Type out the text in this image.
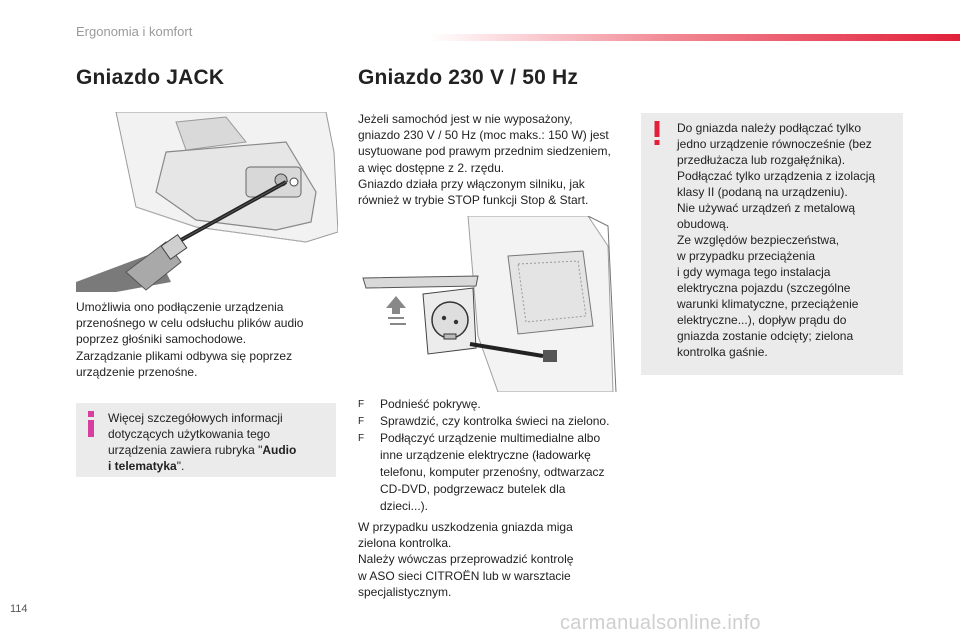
Ergonomia i komfort
Gniazdo JACK
Umożliwia ono podłączenie urządzenia
przenośnego w celu odsłuchu plików audio
poprzez głośniki samochodowe.
Zarządzanie plikami odbywa się poprzez
urządzenie przenośne.
Więcej szczegółowych informacji
dotyczących użytkowania tego
urządzenia zawiera rubryka "Audio
i telematyka".
Gniazdo 230 V / 50 Hz
Jeżeli samochód jest w nie wyposażony,
gniazdo 230 V / 50 Hz (moc maks.: 150 W) jest
usytuowane pod prawym przednim siedzeniem,
a więc dostępne z 2. rzędu.
Gniazdo działa przy włączonym silniku, jak
również w trybie STOP funkcji Stop & Start.
F	Podnieść pokrywę.
F	Sprawdzić, czy kontrolka świeci na zielono.
F	Podłączyć urządzenie multimedialne albo
inne urządzenie elektryczne (ładowarkę
telefonu, komputer przenośny, odtwarzacz
CD-DVD, podgrzewacz butelek dla
dzieci...).
W przypadku uszkodzenia gniazda miga
zielona kontrolka.
Należy wówczas przeprowadzić kontrolę
w ASO sieci CITROËN lub w warsztacie
specjalistycznym.
Do gniazda należy podłączać tylko
jedno urządzenie równocześnie (bez
przedłużacza lub rozgałęźnika).
Podłączać tylko urządzenia z izolacją
klasy II (podaną na urządzeniu).
Nie używać urządzeń z metalową
obudową.
Ze względów bezpieczeństwa,
w przypadku przeciążenia
i gdy wymaga tego instalacja
elektryczna pojazdu (szczególne
warunki klimatyczne, przeciążenie
elektryczne...), dopływ prądu do
gniazda zostanie odcięty; zielona
kontrolka gaśnie.
114
carmanualsonline.info
